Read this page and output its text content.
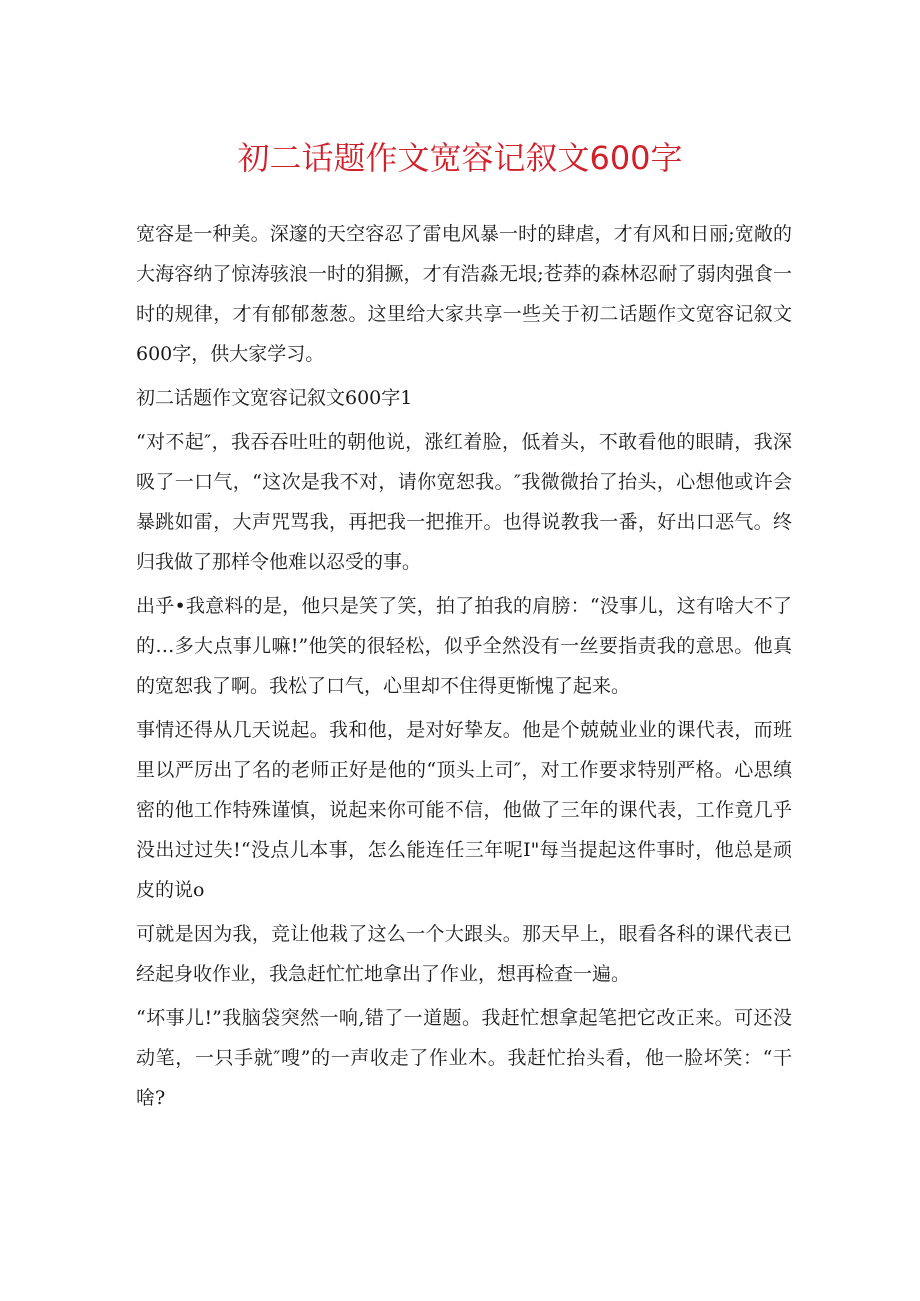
初二话题作文宽容记叙文600字

宽容是一种美。深邃的天空容忍了雷电风暴一时的肆虐，才有风和日丽;宽敞的大海容纳了惊涛骇浪一时的狷撅，才有浩淼无垠;苍莽的森林忍耐了弱肉强食一时的规律，才有郁郁葱葱。这里给大家共享一些关于初二话题作文宽容记叙文600字，供大家学习。

初二话题作文宽容记叙文600字1

“对不起″，我吞吞吐吐的朝他说，涨红着脸，低着头，不敢看他的眼睛，我深吸了一口气，“这次是我不对，请你宽恕我。″我微微抬了抬头，心想他或许会暴跳如雷，大声咒骂我，再把我一把推开。也得说教我一番，好出口恶气。终归我做了那样令他难以忍受的事。

出乎•我意料的是，他只是笑了笑，拍了拍我的肩膀：“没事儿，这有啥大不了的…多大点事儿嘛!”他笑的很轻松，似乎全然没有一丝要指责我的意思。他真的宽恕我了啊。我松了口气，心里却不住得更惭愧了起来。

事情还得从几天说起。我和他，是对好挚友。他是个兢兢业业的课代表，而班里以严厉出了名的老师正好是他的“顶头上司″，对工作要求特别严格。心思缜密的他工作特殊谨慎，说起来你可能不信，他做了三年的课代表，工作竟几乎没出过过失!“没点儿本事，怎么能连任三年呢I"每当提起这件事时，他总是顽皮的说o

可就是因为我，竞让他栽了这么一个大跟头。那天早上，眼看各科的课代表已经起身收作业，我急赶忙忙地拿出了作业，想再检查一遍。

“坏事儿!”我脑袋突然一响,错了一道题。我赶忙想拿起笔把它改正来。可还没动笔，一只手就″嗖”的一声收走了作业木。我赶忙抬头看，他一脸坏笑：“干啥?
